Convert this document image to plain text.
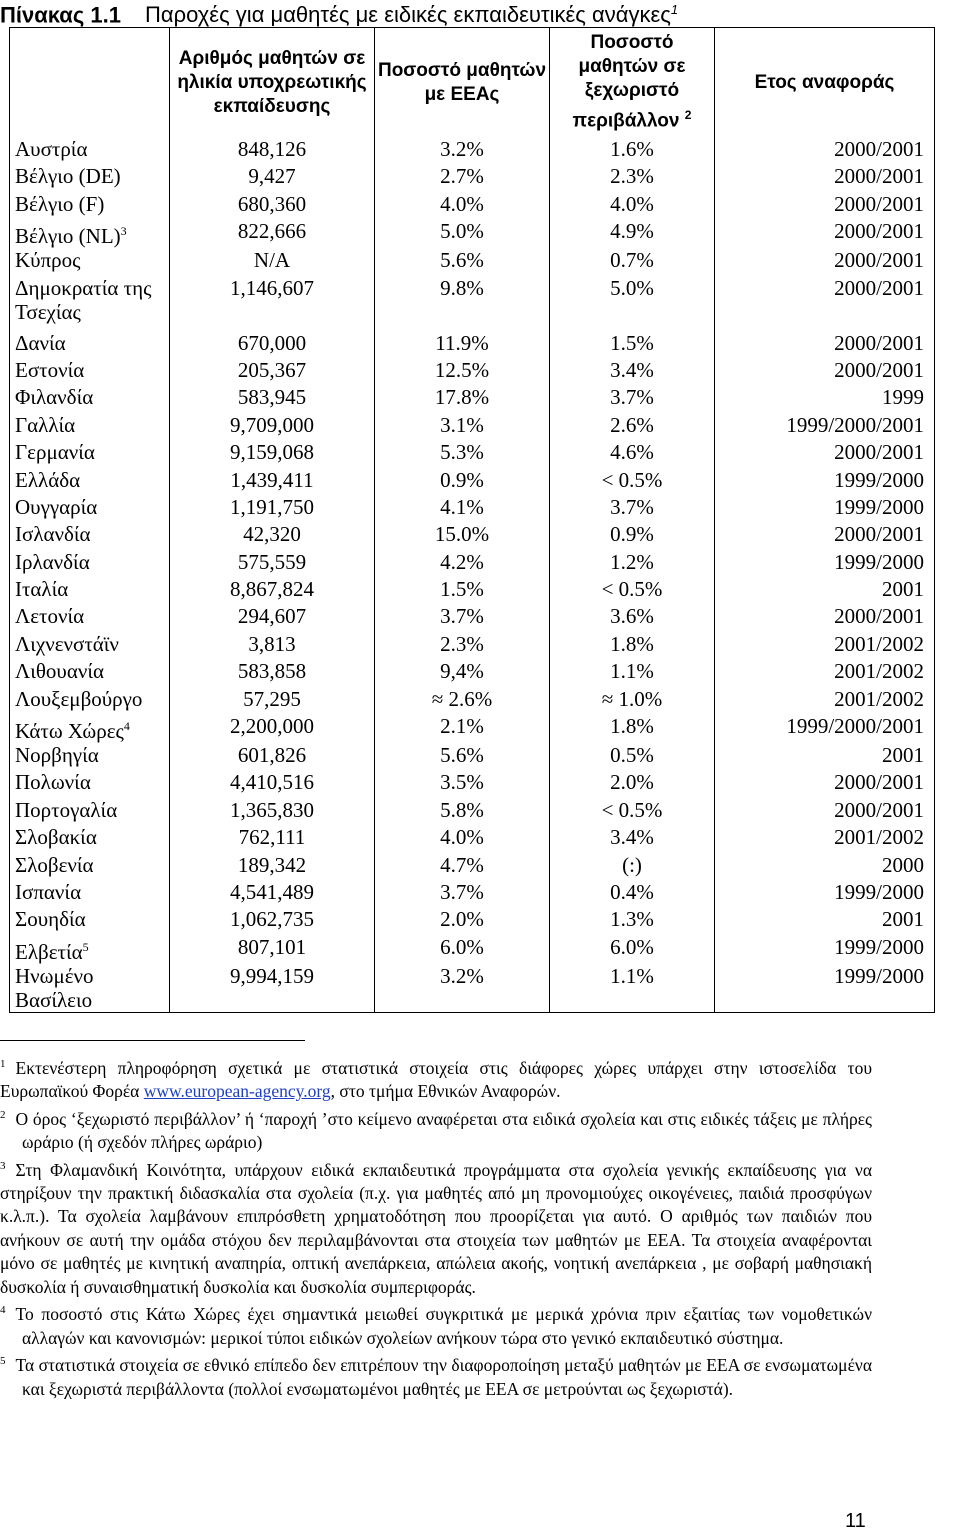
Πίνακας 1.1 Παροχές για μαθητές με ειδικές εκπαιδευτικές ανάγκες$^1$
	Αριθμός μαθητών σε ηλικία υποχρεωτικής εκπαίδευσης	Ποσοστό μαθητών με ΕΕΑς	Ποσοστό μαθητών σε ξεχωριστό περιβάλλον $^2$	Ετος αναφοράς
Αυστρία	848,126	3.2%	1.6%	2000/2001
Βέλγιο (DE)	9,427	2.7%	2.3%	2000/2001
Βέλγιο (F)	680,360	4.0%	4.0%	2000/2001
Βέλγιο (NL)$^3$	822,666	5.0%	4.9%	2000/2001
Κύπρος	N/A	5.6%	0.7%	2000/2001
Δημοκρατία της Τσεχίας	1,146,607	9.8%	5.0%	2000/2001
Δανία	670,000	11.9%	1.5%	2000/2001
Εστονία	205,367	12.5%	3.4%	2000/2001
Φιλανδία	583,945	17.8%	3.7%	1999
Γαλλία	9,709,000	3.1%	2.6%	1999/2000/2001
Γερμανία	9,159,068	5.3%	4.6%	2000/2001
Ελλάδα	1,439,411	0.9%	< 0.5%	1999/2000
Ουγγαρία	1,191,750	4.1%	3.7%	1999/2000
Ισλανδία	42,320	15.0%	0.9%	2000/2001
Ιρλανδία	575,559	4.2%	1.2%	1999/2000
Ιταλία	8,867,824	1.5%	< 0.5%	2001
Λετονία	294,607	3.7%	3.6%	2000/2001
Λιχνενστάϊν	3,813	2.3%	1.8%	2001/2002
Λιθουανία	583,858	9,4%	1.1%	2001/2002
Λουξεμβούργο	57,295	≈ 2.6%	≈ 1.0%	2001/2002
Κάτω Χώρες$^4$	2,200,000	2.1%	1.8%	1999/2000/2001
Νορβηγία	601,826	5.6%	0.5%	2001
Πολωνία	4,410,516	3.5%	2.0%	2000/2001
Πορτογαλία	1,365,830	5.8%	< 0.5%	2000/2001
Σλοβακία	762,111	4.0%	3.4%	2001/2002
Σλοβενία	189,342	4.7%	(:)	2000
Ισπανία	4,541,489	3.7%	0.4%	1999/2000
Σουηδία	1,062,735	2.0%	1.3%	2001
Ελβετία$^5$	807,101	6.0%	6.0%	1999/2000
Ηνωμένο Βασίλειο	9,994,159	3.2%	1.1%	1999/2000

$^1$ Εκτενέστερη πληροφόρηση σχετικά με στατιστικά στοιχεία στις διάφορες χώρες υπάρχει στην ιστοσελίδα του Ευρωπαϊκού Φορέα www.european-agency.org, στο τμήμα Εθνικών Αναφορών.

$^2$ Ο όρος ‘ξεχωριστό περιβάλλον’ ή ‘παροχή ’στο κείμενο αναφέρεται στα ειδικά σχολεία και στις ειδικές τάξεις με πλήρες ωράριο (ή σχεδόν πλήρες ωράριο)

$^3$ Στη Φλαμανδική Κοινότητα, υπάρχουν ειδικά εκπαιδευτικά προγράμματα στα σχολεία γενικής εκπαίδευσης για να στηρίξουν την πρακτική διδασκαλία στα σχολεία (π.χ. για μαθητές από μη προνομιούχες οικογένειες, παιδιά προσφύγων κ.λ.π.). Τα σχολεία λαμβάνουν επιπρόσθετη χρηματοδότηση που προορίζεται για αυτό. Ο αριθμός των παιδιών που ανήκουν σε αυτή την ομάδα στόχου δεν περιλαμβάνονται στα στοιχεία των μαθητών με ΕΕΑ. Τα στοιχεία αναφέρονται μόνο σε μαθητές με κινητική αναπηρία, οπτική ανεπάρκεια, απώλεια ακοής, νοητική ανεπάρκεια , με σοβαρή μαθησιακή δυσκολία ή συναισθηματική δυσκολία και δυσκολία συμπεριφοράς.

$^4$ Το ποσοστό στις Κάτω Χώρες έχει σημαντικά μειωθεί συγκριτικά με μερικά χρόνια πριν εξαιτίας των νομοθετικών αλλαγών και κανονισμών: μερικοί τύποι ειδικών σχολείων ανήκουν τώρα στο γενικό εκπαιδευτικό σύστημα.

$^5$ Τα στατιστικά στοιχεία σε εθνικό επίπεδο δεν επιτρέπουν την διαφοροποίηση μεταξύ μαθητών με ΕΕΑ σε ενσωματωμένα και ξεχωριστά περιβάλλοντα (πολλοί ενσωματωμένοι μαθητές με ΕΕΑ σε μετρούνται ως ξεχωριστά).

11
